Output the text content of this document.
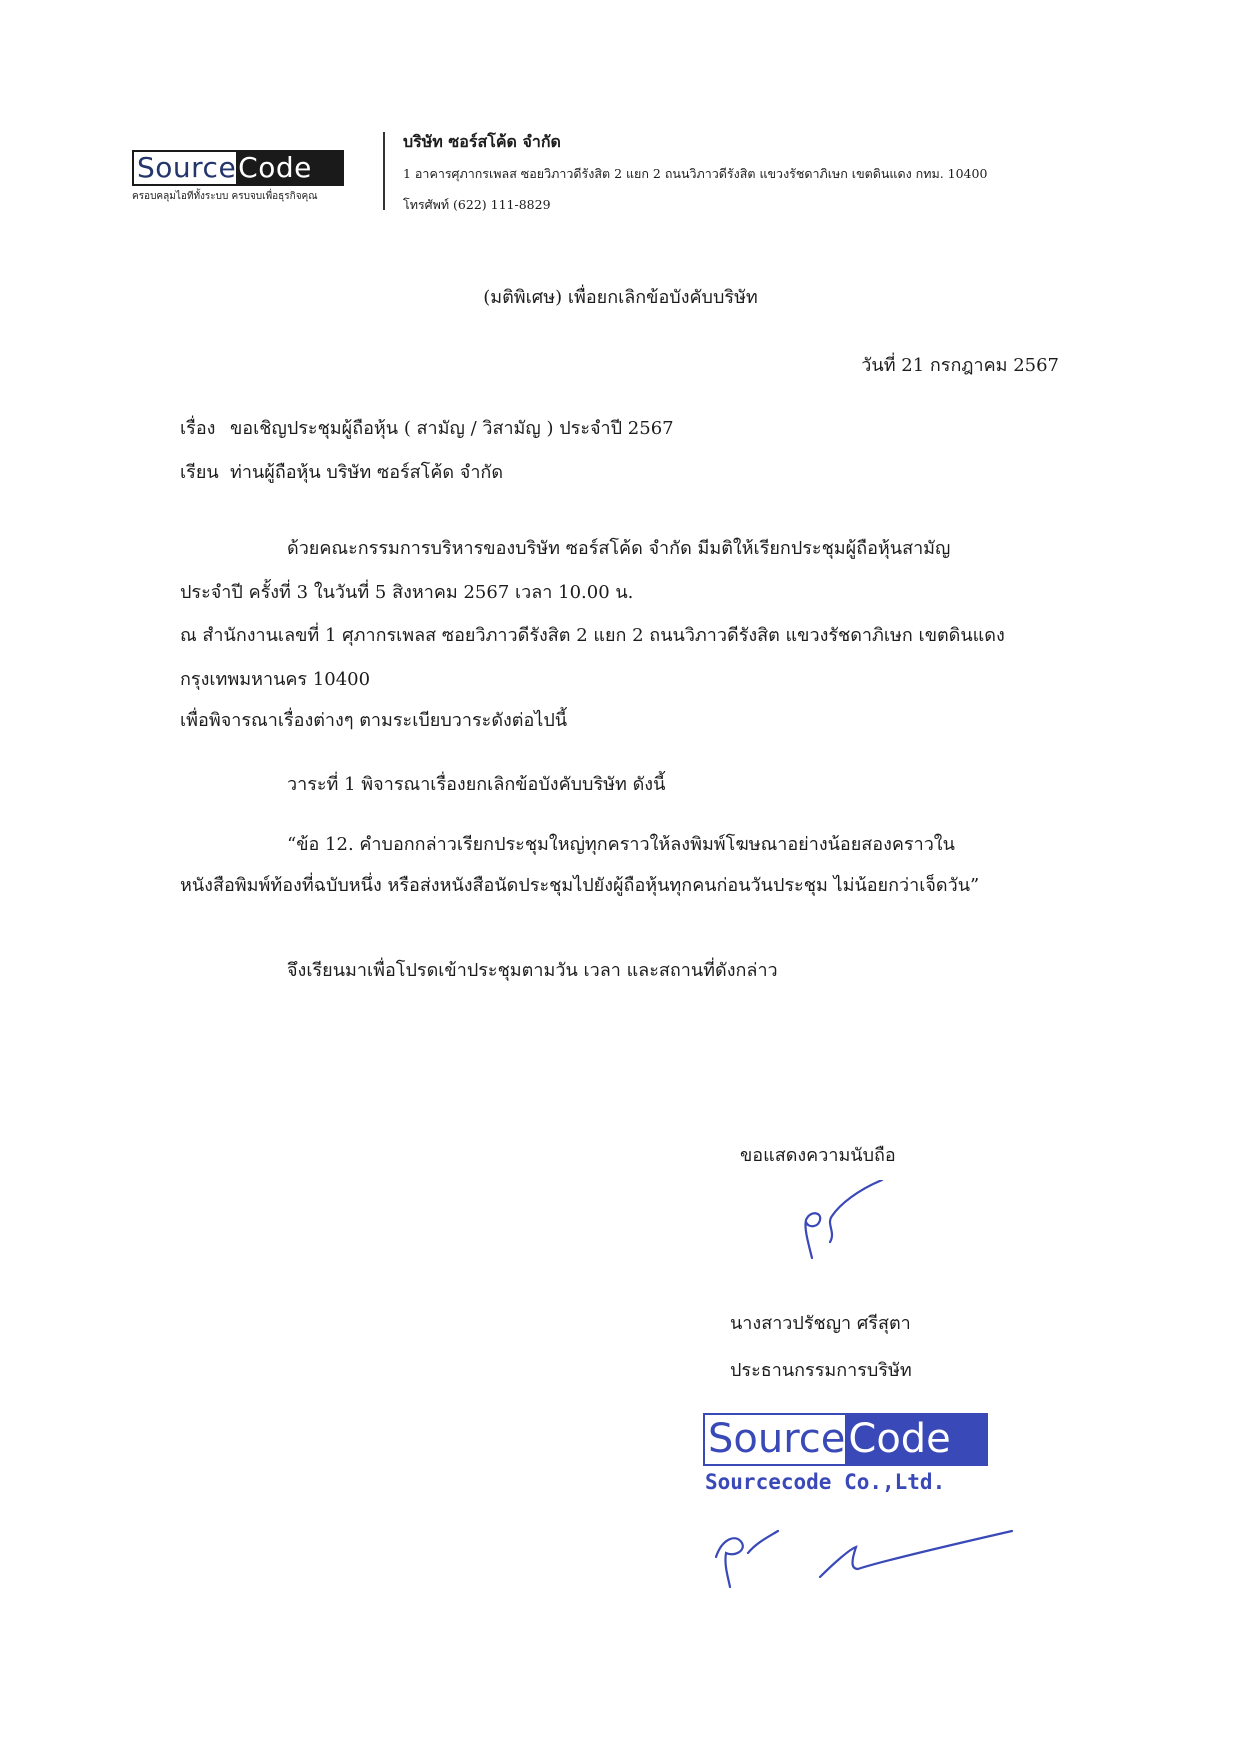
Source Code
ครอบคลุมไอทีทั้งระบบ ครบจบเพื่อธุรกิจคุณ
บริษัท ซอร์สโค้ด จำกัด
1 อาคารศุภากรเพลส ซอยวิภาวดีรังสิต 2 แยก 2 ถนนวิภาวดีรังสิต แขวงรัชดาภิเษก เขตดินแดง กทม. 10400
โทรศัพท์ (622) 111-8829
(มติพิเศษ) เพื่อยกเลิกข้อบังคับบริษัท
วันที่ 21 กรกฎาคม 2567
เรื่อง ขอเชิญประชุมผู้ถือหุ้น ( สามัญ / วิสามัญ ) ประจำปี 2567
เรียน ท่านผู้ถือหุ้น บริษัท ซอร์สโค้ด จำกัด
ด้วยคณะกรรมการบริหารของบริษัท ซอร์สโค้ด จำกัด มีมติให้เรียกประชุมผู้ถือหุ้นสามัญ
ประจำปี ครั้งที่ 3 ในวันที่ 5 สิงหาคม 2567 เวลา 10.00 น.
ณ สำนักงานเลขที่ 1 ศุภากรเพลส ซอยวิภาวดีรังสิต 2 แยก 2 ถนนวิภาวดีรังสิต แขวงรัชดาภิเษก เขตดินแดง
กรุงเทพมหานคร 10400
เพื่อพิจารณาเรื่องต่างๆ ตามระเบียบวาระดังต่อไปนี้
วาระที่ 1 พิจารณาเรื่องยกเลิกข้อบังคับบริษัท ดังนี้
“ข้อ 12. คำบอกกล่าวเรียกประชุมใหญ่ทุกคราวให้ลงพิมพ์โฆษณาอย่างน้อยสองคราวใน
หนังสือพิมพ์ท้องที่ฉบับหนึ่ง หรือส่งหนังสือนัดประชุมไปยังผู้ถือหุ้นทุกคนก่อนวันประชุม ไม่น้อยกว่าเจ็ดวัน”
จึงเรียนมาเพื่อโปรดเข้าประชุมตามวัน เวลา และสถานที่ดังกล่าว
ขอแสดงความนับถือ
นางสาวปรัชญา ศรีสุตา
ประธานกรรมการบริษัท
Source Code
Sourcecode Co.,Ltd.
